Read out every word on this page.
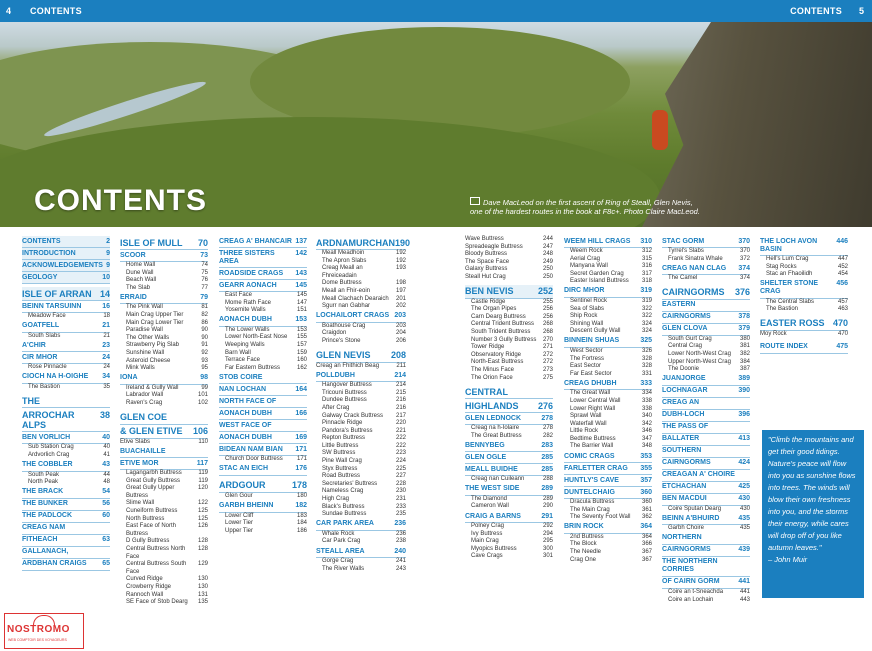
4 CONTENTS	CONTENTS 5
CONTENTS	Dave MacLeod on the first ascent of Ring of Steall, Glen Nevis,
one of the hardest routes in the book at F8c+. Photo Claire MacLeod.
CONTENTS	2
INTRODUCTION	9
ACKNOWLEDGEMENTS 9
GEOLOGY	10
ISLE OF ARRAN 14
BEINN TARSUINN	16
Meadow Face	18
GOATFELL	21
South Slabs	21
A'CHIR	23
CIR MHOR	24
Rose Pinnacle	24
CIOCH NA H-OIGHE 34
The Bastion	35
THE
ARROCHAR ALPS
38
BEN VORLICH	40
Sub Station Crag	40
Ardvorlich Crag	41
THE COBBLER	43
South Peak	44
North Peak	48
THE BRACK	54
THE BUNKER	56
THE PADLOCK	60
CREAG NAM
FITHEACH	63
GALLANACH,
ARDBHAN CRAIGS 65
ISLE OF MULL 70
SCOOR	73
Home Wall	74
Dune Wall	75
Beach Wall	76
The Slab	77
ERRAID	79
The Pink Wall	81
Main Crag Upper Tier	82
Main Crag Lower Tier	86
Paradise Wall	90
The Other Walls	90
Strawberry Pig Slab	91
Sunshine Wall	92
Asteroid Cheese	93
Mink Walls	95
IONA	98
Ireland & Gully Wall	99
Labrador Wall	101
Raven's Crag	102
GLEN COE
& GLEN ETIVE 106
Etive Slabs	110
BUACHAILLE
ETIVE MOR	117
Lagangarbh Buttress	119
Great Gully Buttress	119
Great Gully Upper Buttress
120
Slime Wall	122
Cuneiform Buttress	125
North Buttress	125
East Face of North Buttress
126
D Gully Buttress	128
Central Buttress North Face
128
Central Buttress South Face
129
Curved Ridge	130
Crowberry Ridge	130
Rannoch Wall	131
SE Face of Stob Dearg 135
CREAG A' BHANCAIR 137
THREE SISTERS AREA
142
ROADSIDE CRAGS 143
GEARR AONACH	145
East Face	145
Mome Rath Face	147
Yosemite Walls	151
AONACH DUBH	153
The Lower Walls	153
Lower North-East Nose 155
Weeping Walls	157
Barn Wall	159
Terrace Face	160
Far Eastern Buttress	162
STOB COIRE
NAN LOCHAN	164
NORTH FACE OF
AONACH DUBH	166
WEST FACE OF
AONACH DUBH	169
BIDEAN NAM BIAN 171
Church Door Buttress 171
STAC AN EICH	176
ARDGOUR	178
Glen Gour	180
GARBH BHEINN	182
Lower Cliff	183
Lower Tier	184
Upper Tier	186
ARDNAMURCHAN 190
Meall Meadhoin	192
The Apron Slabs	192
Creag Meall an Fhreiceadain
193
Dome Buttress	198
Meall an Fhir-eoin	197
Meall Clachach Dearaich 201
Sgurr nan Gabhar	202
LOCHAILORT CRAGS 203
Boathouse Crag	203
Craigdon	204
Prince's Stone	206
GLEN NEVIS 208
Creag an Fhithich Beag	211
POLLDUBH	214
Hangover Buttress	214
Tricouni Buttress	215
Dundee Buttress	216
After Crag	216
Galway Crack Buttress 217
Pinnacle Ridge	220
Pandora's Buttress	221
Repton Buttress	222
Little Buttress	222
SW Buttress	223
Pine Wall Crag	224
Styx Buttress	225
Road Buttress	227
Secretaries' Buttress	228
Nameless Crag	230
High Crag	231
Black's Buttress	233
Sundae Buttress	235
CAR PARK AREA	236
Whale Rock	236
Car Park Crag	238
STEALL AREA	240
Gorge Crag	241
The River Walls	243
Wave Buttress	244
Spreadeagle Buttress	247
Bloody Buttress	248
The Space Face	249
Galaxy Buttress	250
Steall Hut Crag	250
BEN NEVIS	252
Castle Ridge	255
The Organ Pipes	256
Carn Dearg Buttress	256
Central Trident Buttress 268
South Trident Buttress 268
Number 3 Gully Buttress 270
Tower Ridge	271
Observatory Ridge	272
North-East Buttress	272
The Minus Face	273
The Orion Face	275
CENTRAL
HIGHLANDS 276
GLEN LEDNOCK	278
Creag na h-Iolaire	278
The Great Buttress	282
BENNYBEG	283
GLEN OGLE	285
MEALL BUIDHE	285
Creag nan Cuileann	288
THE WEST SIDE	289
The Diamond	289
Cameron Wall	290
CRAIG A BARNS	291
Polney Crag	292
Ivy Buttress	294
Main Crag	295
Myopics Buttress	300
Cave Crags	301
WEEM HILL CRAGS 310
Weem Rock	312
Aerial Crag	315
Manyana Wall	316
Secret Garden Crag	317
Easter Island Buttress 318
DIRC MHOR	319
Sentinel Rock	319
Sea of Slabs	322
Ship Rock	322
Shining Wall	324
Descent Gully Wall	324
BINNEIN SHUAS	325
West Sector	326
The Fortress	328
East Sector	328
Far East Sector	331
CREAG DHUBH	333
The Great Wall	334
Lower Central Wall	338
Lower Right Wall	338
Sprawl Wall	340
Waterfall Wall	342
Little Rock	346
Bedtime Buttress	347
The Barrier Wall	348
COMIC CRAGS	353
FARLETTER CRAG 355
HUNTLY'S CAVE	357
DUNTELCHAIG	360
Dracula Buttress	360
The Main Crag	361
The Seventy Foot Wall 362
BRIN ROCK	364
2nd Buttress	364
The Block	366
The Needle	367
Crag One	367
STAC GORM	370
Tyrrel's Slabs	370
Frank Sinatra Whale	372
CREAG NAN CLAG 374
The Camel	374
CAIRNGORMS 376
EASTERN
CAIRNGORMS	378
GLEN CLOVA	379
South Gurt Crag	380
Central Crag	381
Lower North-West Crag 382
Upper North-West Crag 384
The Doonie	387
JUANJORGE	389
LOCHNAGAR	390
CREAG AN
DUBH-LOCH	396
THE PASS OF
BALLATER	413
SOUTHERN
CAIRNGORMS	424
CREAGAN A' CHOIRE
ETCHACHAN	425
BEN MACDUI	430
Coire Sputan Dearg	430
BEINN A'BHUIRD	435
Garbh Choire	435
NORTHERN
CAIRNGORMS	439
THE NORTHERN CORRIES
OF CAIRN GORM	441
Coire an t-Sneachda	441
Coire an Lochain	443
THE LOCH AVON BASIN
446
Hell's Lum Crag	447
Stag Rocks	452
Stac an Fhaoilidh	454
SHELTER STONE CRAG
456
The Central Slabs	457
The Bastion	463
EASTER ROSS 470
Moy Rock	470
ROUTE INDEX	475
"Climb the mountains and get their good tidings. Nature's peace will flow into you as sunshine flows into trees. The winds will blow their own freshness into you, and the storms their energy, while cares will drop off of you like autumn leaves."
– John Muir
NOSTROMO
WEB COMPTOIR DES VOYAGEURS
